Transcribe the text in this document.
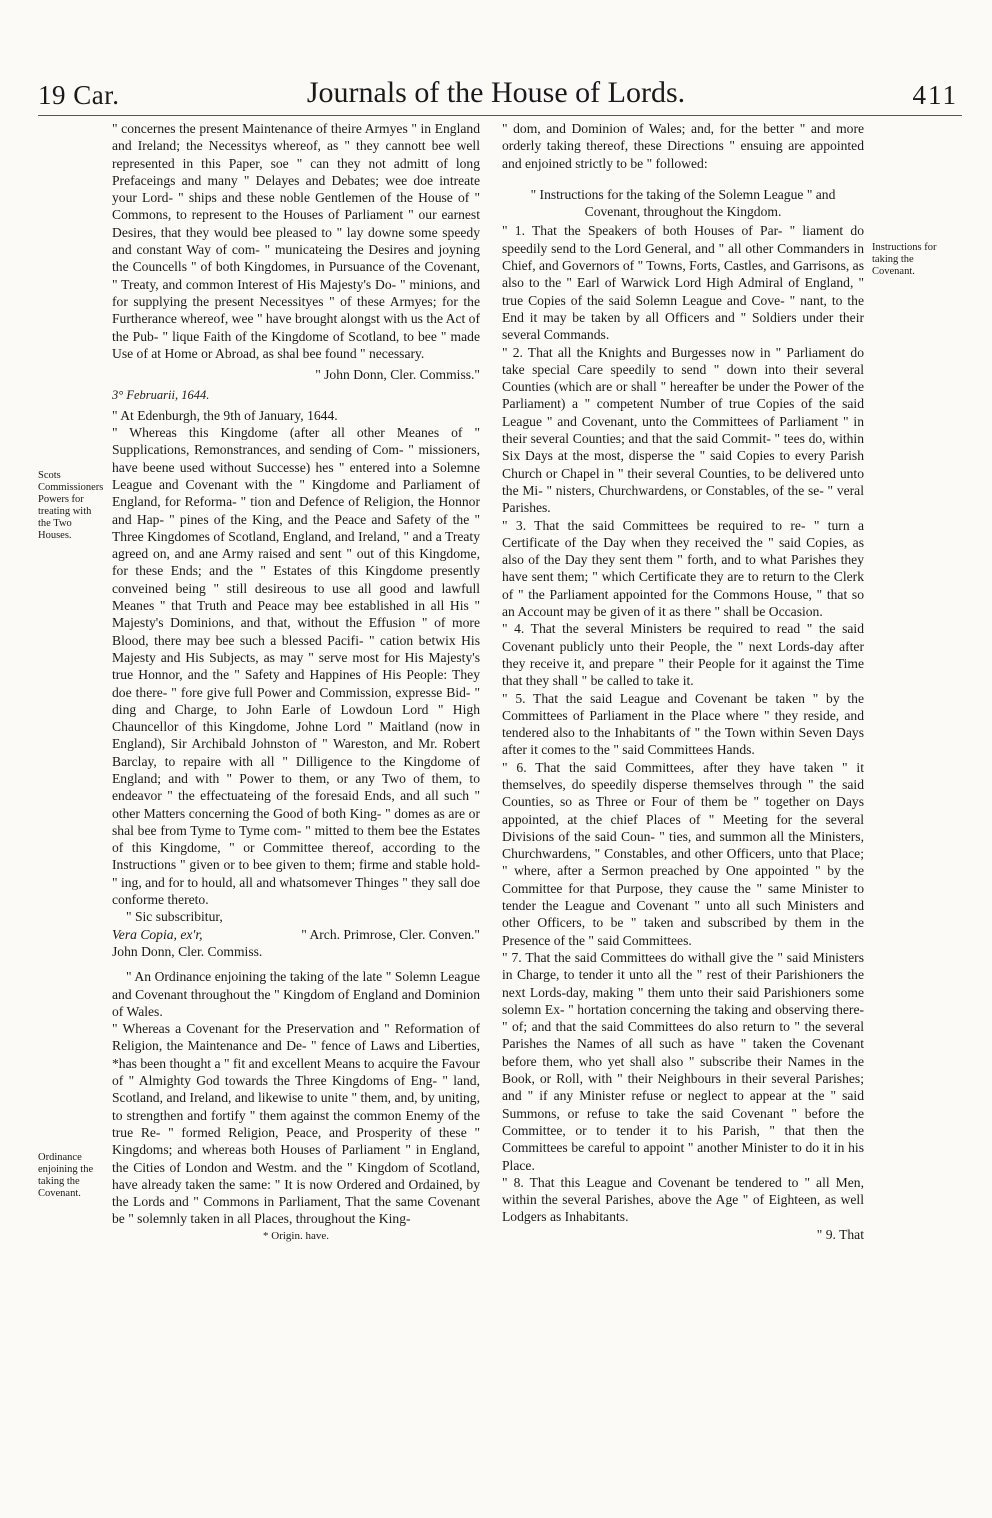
19 Car.	Journals of the House of Lords.	411
Scots Commissioners Powers for treating with the Two Houses.
Ordinance enjoining the taking the Covenant.
Instructions for taking the Covenant.

" concernes the present Maintenance of theire Armyes " in England and Ireland; the Necessitys whereof, as " they cannott bee well represented in this Paper, soe " can they not admitt of long Prefaceings and many " Delayes and Debates; wee doe intreate your Lord- " ships and these noble Gentlemen of the House of " Commons, to represent to the Houses of Parliament " our earnest Desires, that they would bee pleased to " lay downe some speedy and constant Way of com- " municateing the Desires and joyning the Councells " of both Kingdomes, in Pursuance of the Covenant, " Treaty, and common Interest of His Majesty's Do- " minions, and for supplying the present Necessityes " of these Armyes; for the Furtherance whereof, wee " have brought alongst with us the Act of the Pub- " lique Faith of the Kingdome of Scotland, to bee " made Use of at Home or Abroad, as shal bee found " necessary.

" John Donn, Cler. Commiss."

3° Februarii, 1644.

" At Edenburgh, the 9th of January, 1644.

" Whereas this Kingdome (after all other Meanes of " Supplications, Remonstrances, and sending of Com- " missioners, have beene used without Successe) hes " entered into a Solemne League and Covenant with the " Kingdome and Parliament of England, for Reforma- " tion and Defence of Religion, the Honnor and Hap- " pines of the King, and the Peace and Safety of the " Three Kingdomes of Scotland, England, and Ireland, " and a Treaty agreed on, and ane Army raised and sent " out of this Kingdome, for these Ends; and the " Estates of this Kingdome presently conveined being " still desireous to use all good and lawfull Meanes " that Truth and Peace may bee established in all His " Majesty's Dominions, and that, without the Effusion " of more Blood, there may bee such a blessed Pacifi- " cation betwix His Majesty and His Subjects, as may " serve most for His Majesty's true Honnor, and the " Safety and Happines of His People: They doe there- " fore give full Power and Commission, expresse Bid- " ding and Charge, to John Earle of Lowdoun Lord " High Chauncellor of this Kingdome, Johne Lord " Maitland (now in England), Sir Archibald Johnston of " Wareston, and Mr. Robert Barclay, to repaire with all " Dilligence to the Kingdome of England; and with " Power to them, or any Two of them, to endeavor " the effectuateing of the foresaid Ends, and all such " other Matters concerning the Good of both King- " domes as are or shal bee from Tyme to Tyme com- " mitted to them bee the Estates of this Kingdome, " or Committee thereof, according to the Instructions " given or to bee given to them; firme and stable hold- " ing, and for to hould, all and whatsomever Thinges " they sall doe conforme thereto.

" Sic subscribitur,

Vera Copia, ex'r,	" Arch. Primrose, Cler. Conven."

John Donn, Cler. Commiss.

" An Ordinance enjoining the taking of the late " Solemn League and Covenant throughout the " Kingdom of England and Dominion of Wales.

" Whereas a Covenant for the Preservation and " Reformation of Religion, the Maintenance and De- " fence of Laws and Liberties, *has been thought a " fit and excellent Means to acquire the Favour of " Almighty God towards the Three Kingdoms of Eng- " land, Scotland, and Ireland, and likewise to unite " them, and, by uniting, to strengthen and fortify " them against the common Enemy of the true Re- " formed Religion, Peace, and Prosperity of these " Kingdoms; and whereas both Houses of Parliament " in England, the Cities of London and Westm. and the " Kingdom of Scotland, have already taken the same: " It is now Ordered and Ordained, by the Lords and " Commons in Parliament, That the same Covenant be " solemnly taken in all Places, throughout the King-

* Origin. have.

" dom, and Dominion of Wales; and, for the better " and more orderly taking thereof, these Directions " ensuing are appointed and enjoined strictly to be " followed:

" Instructions for the taking of the Solemn League " and Covenant, throughout the Kingdom.

" 1. That the Speakers of both Houses of Par- " liament do speedily send to the Lord General, and " all other Commanders in Chief, and Governors of " Towns, Forts, Castles, and Garrisons, as also to the " Earl of Warwick Lord High Admiral of England, " true Copies of the said Solemn League and Cove- " nant, to the End it may be taken by all Officers and " Soldiers under their several Commands.

" 2. That all the Knights and Burgesses now in " Parliament do take special Care speedily to send " down into their several Counties (which are or shall " hereafter be under the Power of the Parliament) a " competent Number of true Copies of the said League " and Covenant, unto the Committees of Parliament " in their several Counties; and that the said Commit- " tees do, within Six Days at the most, disperse the " said Copies to every Parish Church or Chapel in " their several Counties, to be delivered unto the Mi- " nisters, Churchwardens, or Constables, of the se- " veral Parishes.

" 3. That the said Committees be required to re- " turn a Certificate of the Day when they received the " said Copies, as also of the Day they sent them " forth, and to what Parishes they have sent them; " which Certificate they are to return to the Clerk of " the Parliament appointed for the Commons House, " that so an Account may be given of it as there " shall be Occasion.

" 4. That the several Ministers be required to read " the said Covenant publicly unto their People, the " next Lords-day after they receive it, and prepare " their People for it against the Time that they shall " be called to take it.

" 5. That the said League and Covenant be taken " by the Committees of Parliament in the Place where " they reside, and tendered also to the Inhabitants of " the Town within Seven Days after it comes to the " said Committees Hands.

" 6. That the said Committees, after they have taken " it themselves, do speedily disperse themselves through " the said Counties, so as Three or Four of them be " together on Days appointed, at the chief Places of " Meeting for the several Divisions of the said Coun- " ties, and summon all the Ministers, Churchwardens, " Constables, and other Officers, unto that Place; " where, after a Sermon preached by One appointed " by the Committee for that Purpose, they cause the " same Minister to tender the League and Covenant " unto all such Ministers and other Officers, to be " taken and subscribed by them in the Presence of the " said Committees.

" 7. That the said Committees do withall give the " said Ministers in Charge, to tender it unto all the " rest of their Parishioners the next Lords-day, making " them unto their said Parishioners some solemn Ex- " hortation concerning the taking and observing there- " of; and that the said Committees do also return to " the several Parishes the Names of all such as have " taken the Covenant before them, who yet shall also " subscribe their Names in the Book, or Roll, with " their Neighbours in their several Parishes; and " if any Minister refuse or neglect to appear at the " said Summons, or refuse to take the said Covenant " before the Committee, or to tender it to his Parish, " that then the Committees be careful to appoint " another Minister to do it in his Place.

" 8. That this League and Covenant be tendered to " all Men, within the several Parishes, above the Age " of Eighteen, as well Lodgers as Inhabitants.

" 9. That
